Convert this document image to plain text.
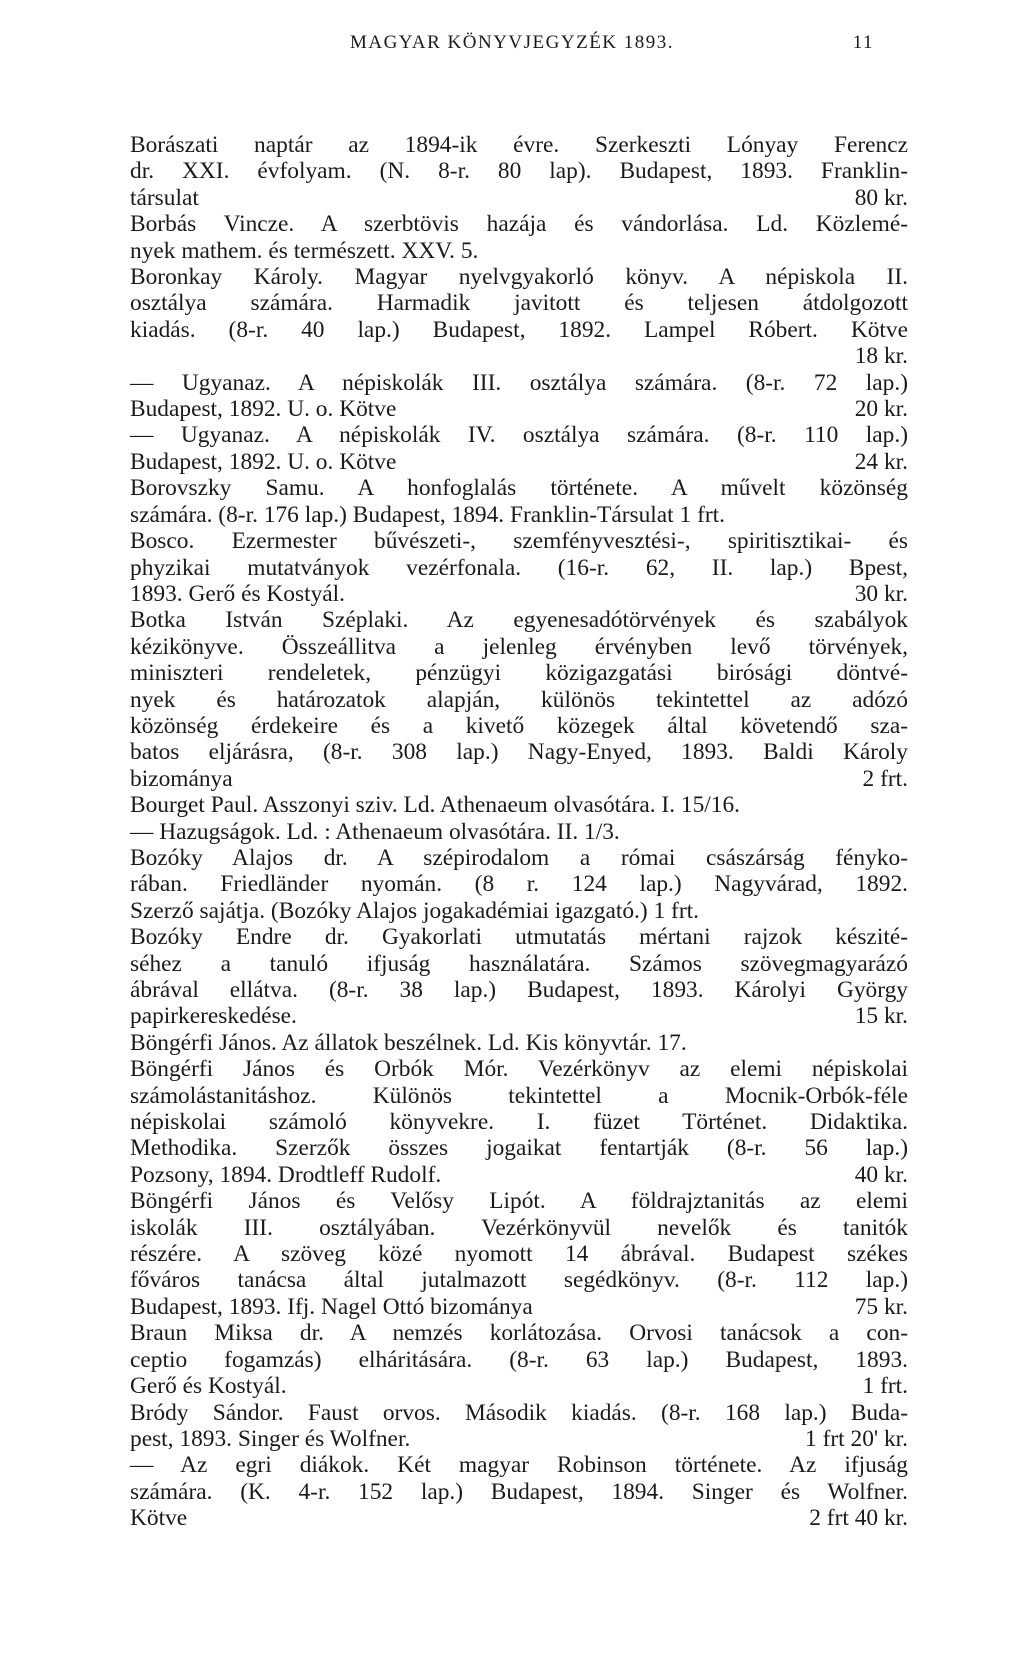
MAGYAR KÖNYVJEGYZÉK 1893.	11
Borászati naptár az 1894-ik évre. Szerkeszti Lónyay Ferencz
dr. XXI. évfolyam. (N. 8-r. 80 lap). Budapest, 1893. Franklin-
társulat	80 kr.
Borbás Vincze. A szerbtövis hazája és vándorlása. Ld. Közlemé-
nyek mathem. és természett. XXV. 5.
Boronkay Károly. Magyar nyelvgyakorló könyv. A népiskola II.
osztálya számára. Harmadik javitott és teljesen átdolgozott
kiadás. (8-r. 40 lap.) Budapest, 1892. Lampel Róbert. Kötve
18 kr.
— Ugyanaz. A népiskolák III. osztálya számára. (8-r. 72 lap.)
Budapest, 1892. U. o. Kötve	20 kr.
— Ugyanaz. A népiskolák IV. osztálya számára. (8-r. 110 lap.)
Budapest, 1892. U. o. Kötve	24 kr.
Borovszky Samu. A honfoglalás története. A művelt közönség
számára. (8-r. 176 lap.) Budapest, 1894. Franklin-Társulat 1 frt.
Bosco. Ezermester bűvészeti-, szemfényvesztési-, spiritisztikai- és
phyzikai mutatványok vezérfonala. (16-r. 62, II. lap.) Bpest,
1893. Gerő és Kostyál.	30 kr.
Botka István Széplaki. Az egyenesadótörvények és szabályok
kézikönyve. Összeállitva a jelenleg érvényben levő törvények,
miniszteri rendeletek, pénzügyi közigazgatási birósági döntvé-
nyek és határozatok alapján, különös tekintettel az adózó
közönség érdekeire és a kivető közegek által követendő sza-
batos eljárásra, (8-r. 308 lap.) Nagy-Enyed, 1893. Baldi Károly
bizománya	2 frt.
Bourget Paul. Asszonyi sziv. Ld. Athenaeum olvasótára. I. 15/16.
— Hazugságok. Ld. : Athenaeum olvasótára. II. 1/3.
Bozóky Alajos dr. A szépirodalom a római császárság fényko-
rában. Friedländer nyomán. (8 r. 124 lap.) Nagyvárad, 1892.
Szerző sajátja. (Bozóky Alajos jogakadémiai igazgató.) 1 frt.
Bozóky Endre dr. Gyakorlati utmutatás mértani rajzok készité-
séhez a tanuló ifjuság használatára. Számos szövegmagyarázó
ábrával ellátva. (8-r. 38 lap.) Budapest, 1893. Károlyi György
papirkereskedése.	15 kr.
Böngérfi János. Az állatok beszélnek. Ld. Kis könyvtár. 17.
Böngérfi János és Orbók Mór. Vezérkönyv az elemi népiskolai
számolástanitáshoz. Különös tekintettel a Mocnik-Orbók-féle
népiskolai számoló könyvekre. I. füzet Történet. Didaktika.
Methodika. Szerzők összes jogaikat fentartják (8-r. 56 lap.)
Pozsony, 1894. Drodtleff Rudolf.	40 kr.
Böngérfi János és Velősy Lipót. A földrajztanitás az elemi
iskolák III. osztályában. Vezérkönyvül nevelők és tanitók
részére. A szöveg közé nyomott 14 ábrával. Budapest székes
főváros tanácsa által jutalmazott segédkönyv. (8-r. 112 lap.)
Budapest, 1893. Ifj. Nagel Ottó bizománya	75 kr.
Braun Miksa dr. A nemzés korlátozása. Orvosi tanácsok a con-
ceptio fogamzás) elháritására. (8-r. 63 lap.) Budapest, 1893.
Gerő és Kostyál.	1 frt.
Bródy Sándor. Faust orvos. Második kiadás. (8-r. 168 lap.) Buda-
pest, 1893. Singer és Wolfner.	1 frt 20' kr.
— Az egri diákok. Két magyar Robinson története. Az ifjuság
számára. (K. 4-r. 152 lap.) Budapest, 1894. Singer és Wolfner.
Kötve	2 frt 40 kr.
